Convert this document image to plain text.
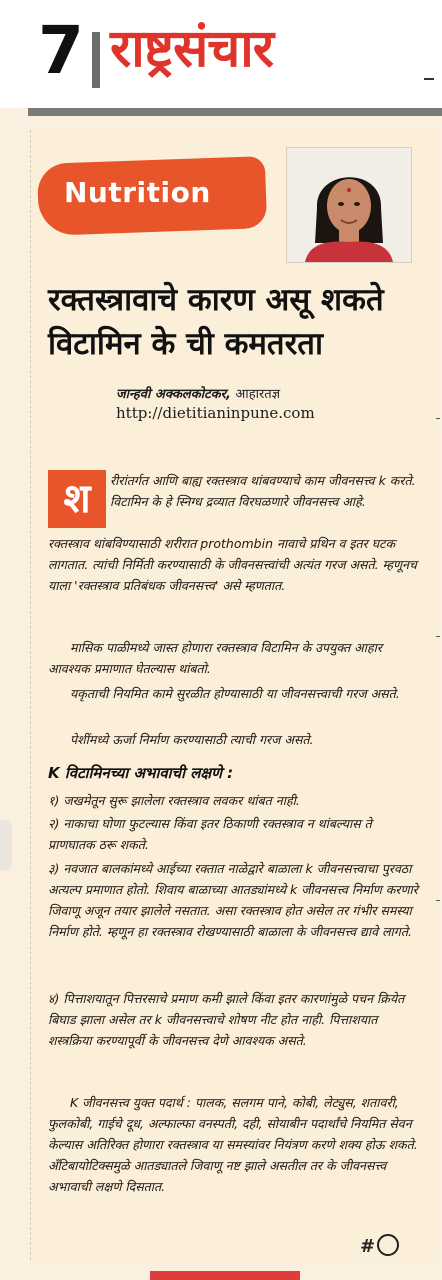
7 राष्ट्रसंचार
Nutrition
रक्तस्त्रावाचे कारण असू शकते
विटामिन के ची कमतरता
जान्हवी अक्कलकोटकर, आहारतज्ञ
http://dietitianinpune.com
श	रीरांतर्गत आणि बाह्य रक्तस्त्राव थांबवण्याचे काम जीवनसत्त्व k करते. विटामिन के हे स्निग्ध द्रव्यात विरघळणारे जीवनसत्त्व आहे.
रक्तस्त्राव थांबविण्यासाठी शरीरात prothombin नावाचे प्रथिन व इतर घटक लागतात. त्यांची निर्मिती करण्यासाठी के जीवनसत्त्वांची अत्यंत गरज असते. म्हणूनच याला 'रक्तस्त्राव प्रतिबंधक जीवनसत्त्व' असे म्हणतात.
मासिक पाळीमध्ये जास्त होणारा रक्तस्त्राव विटामिन के उपयुक्त आहार आवश्यक प्रमाणात घेतल्यास थांबतो.
यकृताची नियमित कामे सुरळीत होण्यासाठी या जीवनसत्त्वाची गरज असते.
पेशींमध्ये ऊर्जा निर्माण करण्यासाठी त्याची गरज असते.
K विटामिनच्या अभावाची लक्षणे :
१) जखमेतून सुरू झालेला रक्तस्त्राव लवकर थांबत नाही.
२) नाकाचा घोणा फुटल्यास किंवा इतर ठिकाणी रक्तस्त्राव न थांबल्यास ते प्राणघातक ठरू शकते.
३) नवजात बालकांमध्ये आईच्या रक्तात नाळेद्वारे बाळाला k जीवनसत्त्वाचा पुरवठा अत्यल्प प्रमाणात होतो. शिवाय बाळाच्या आतड्यांमध्ये k जीवनसत्त्व निर्माण करणारे जिवाणू अजून तयार झालेले नसतात. असा रक्तस्त्राव होत असेल तर गंभीर समस्या निर्माण होते. म्हणून हा रक्तस्त्राव रोखण्यासाठी बाळाला के जीवनसत्त्व द्यावे लागते.
४) पित्ताशयातून पित्तरसाचे प्रमाण कमी झाले किंवा इतर कारणांमुळे पचन क्रियेत बिघाड झाला असेल तर k जीवनसत्त्वाचे शोषण नीट होत नाही. पित्ताशयात शस्त्रक्रिया करण्यापूर्वी के जीवनसत्त्व देणे आवश्यक असते.
K जीवनसत्त्व युक्त पदार्थ : पालक, सलगम पाने, कोबी, लेट्युस, शतावरी, फुलकोबी, गाईचे दूध, अल्फाल्फा वनस्पती, दही, सोयाबीन पदार्थांचे नियमित सेवन केल्यास अतिरिक्त होणारा रक्तस्त्राव या समस्यांवर नियंत्रण करणे शक्य होऊ शकते. अँटिबायोटिक्समुळे आतड्यातले जिवाणू नष्ट झाले असतील तर के जीवनसत्त्व अभावाची लक्षणे दिसतात.
#
